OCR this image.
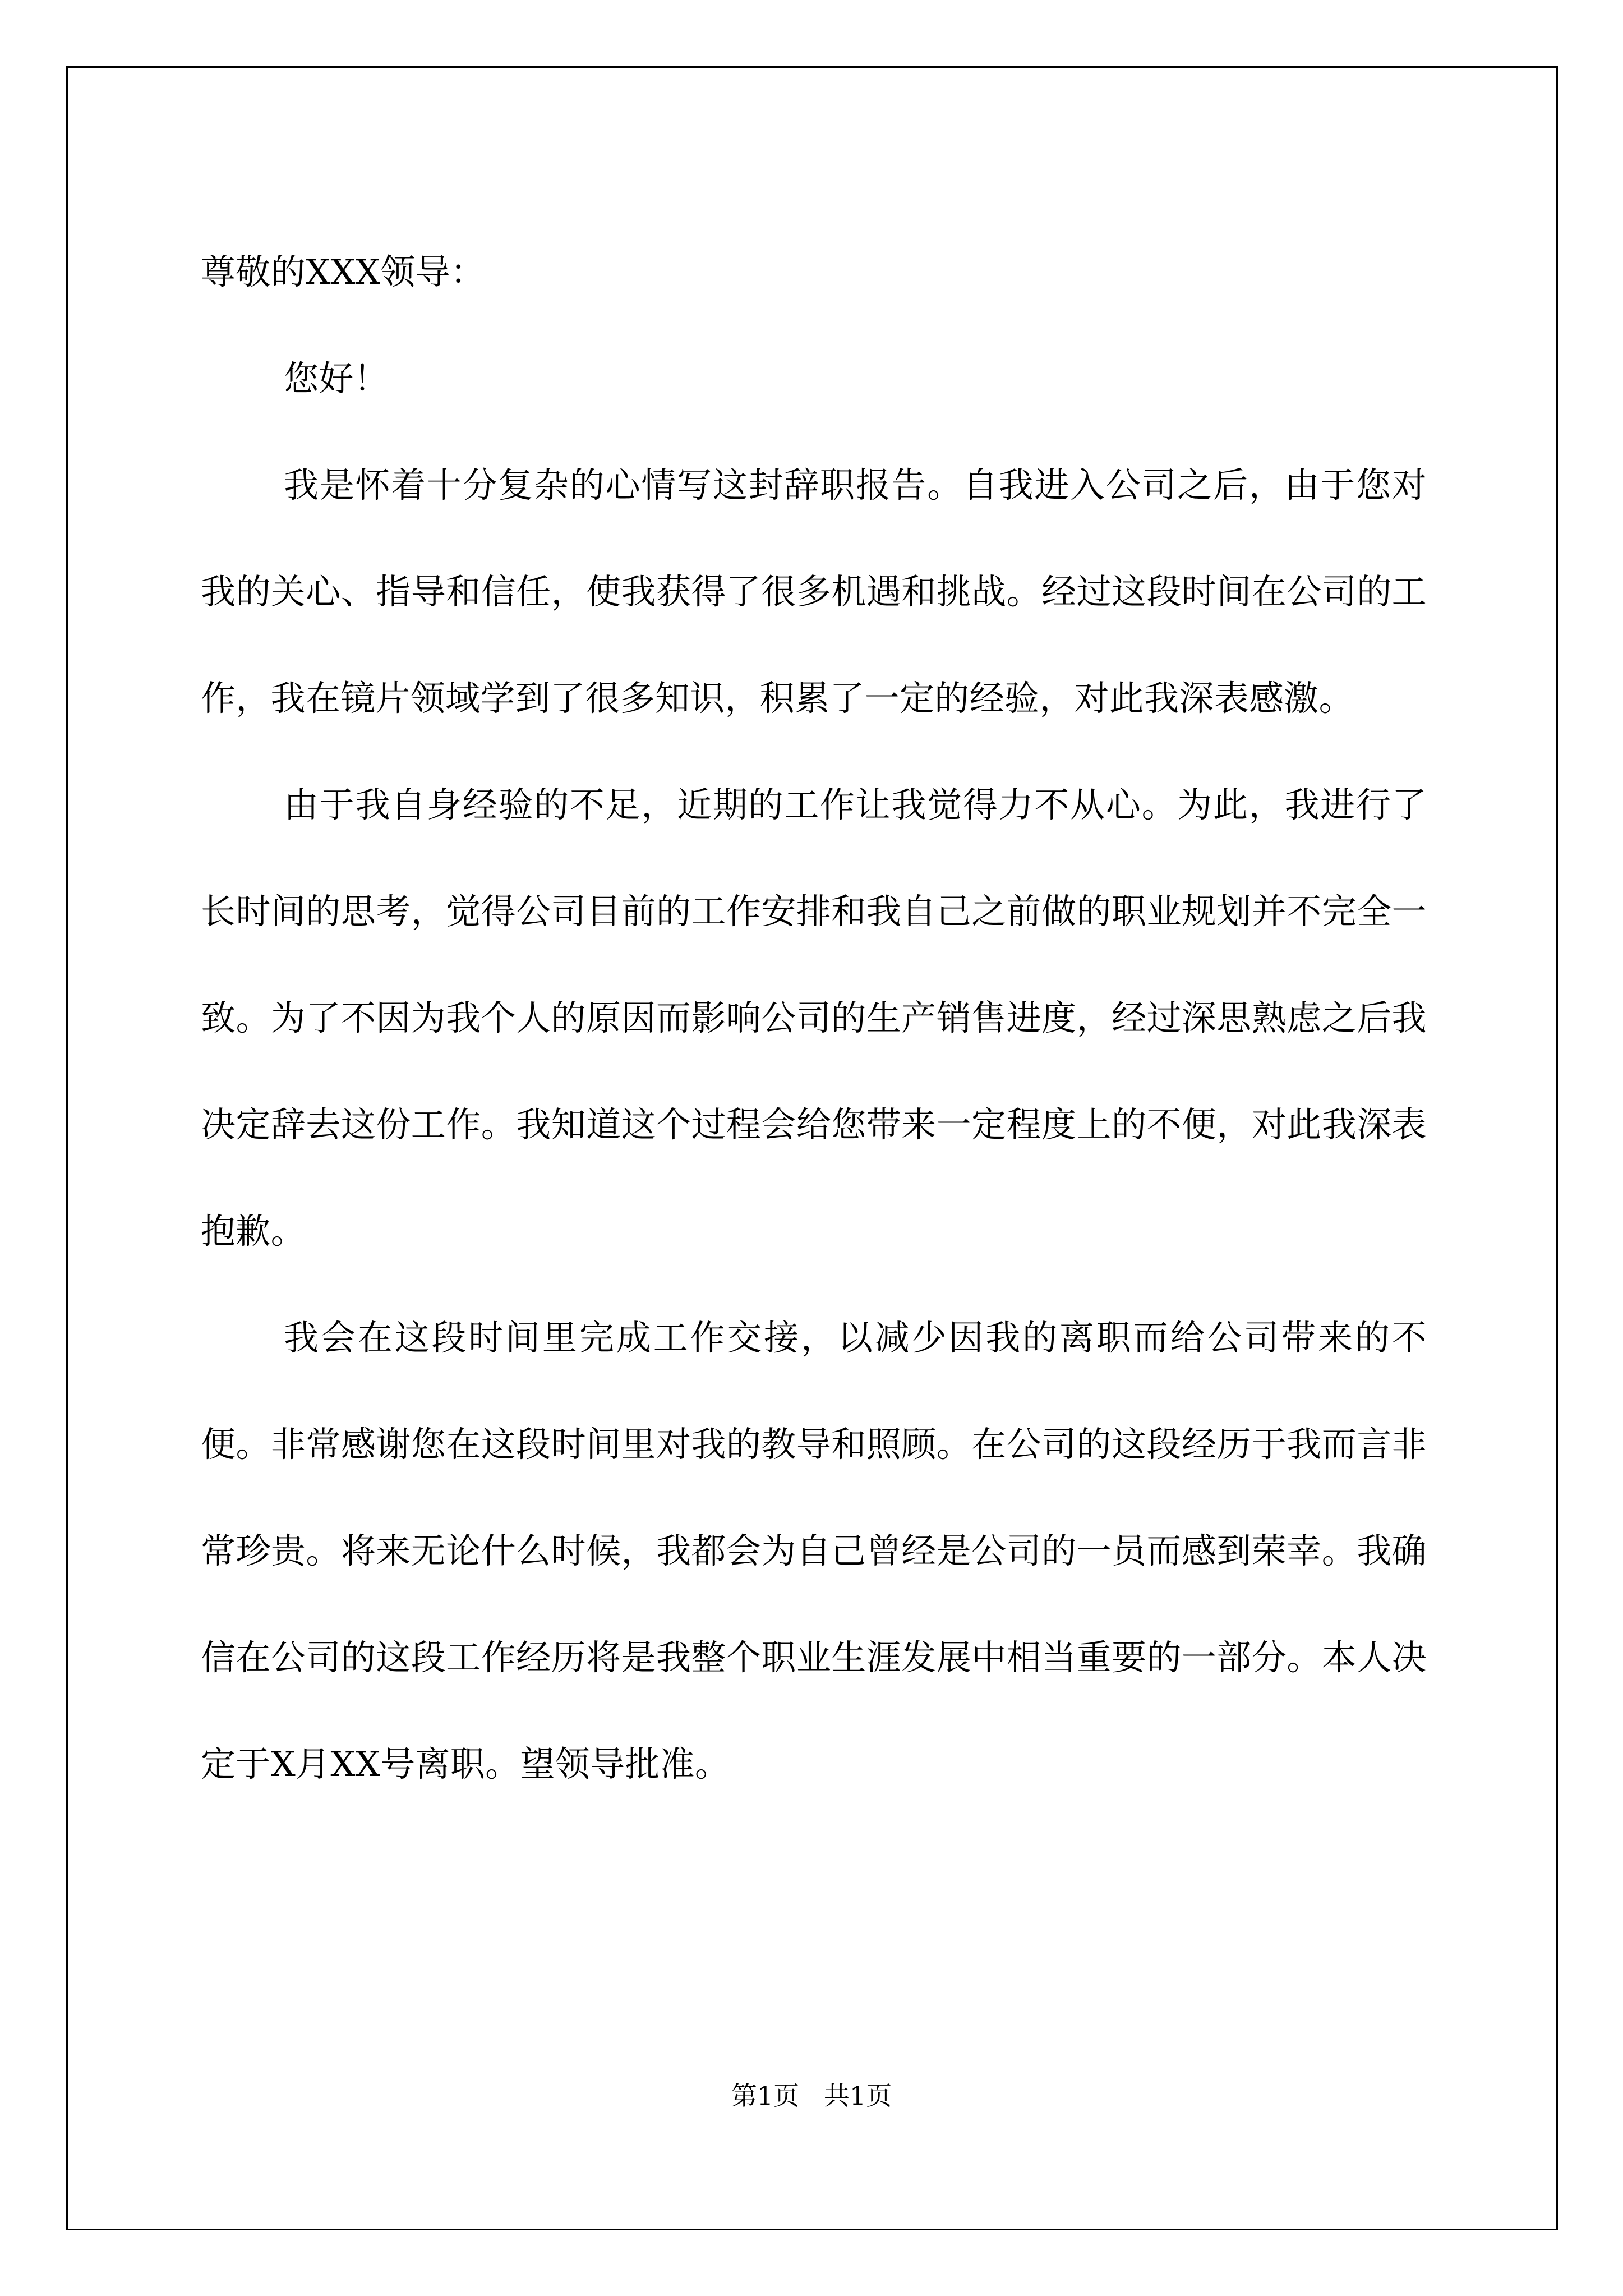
尊敬的XXX领导：

您好！

我是怀着十分复杂的心情写这封辞职报告。自我进入公司之后，由于您对我的关心、指导和信任，使我获得了很多机遇和挑战。经过这段时间在公司的工作，我在镜片领域学到了很多知识，积累了一定的经验，对此我深表感激。

由于我自身经验的不足，近期的工作让我觉得力不从心。为此，我进行了长时间的思考，觉得公司目前的工作安排和我自己之前做的职业规划并不完全一致。为了不因为我个人的原因而影响公司的生产销售进度，经过深思熟虑之后我决定辞去这份工作。我知道这个过程会给您带来一定程度上的不便，对此我深表抱歉。

我会在这段时间里完成工作交接，以减少因我的离职而给公司带来的不便。非常感谢您在这段时间里对我的教导和照顾。在公司的这段经历于我而言非常珍贵。将来无论什么时候，我都会为自己曾经是公司的一员而感到荣幸。我确信在公司的这段工作经历将是我整个职业生涯发展中相当重要的一部分。本人决定于X月XX号离职。望领导批准。

第1页   共1页
